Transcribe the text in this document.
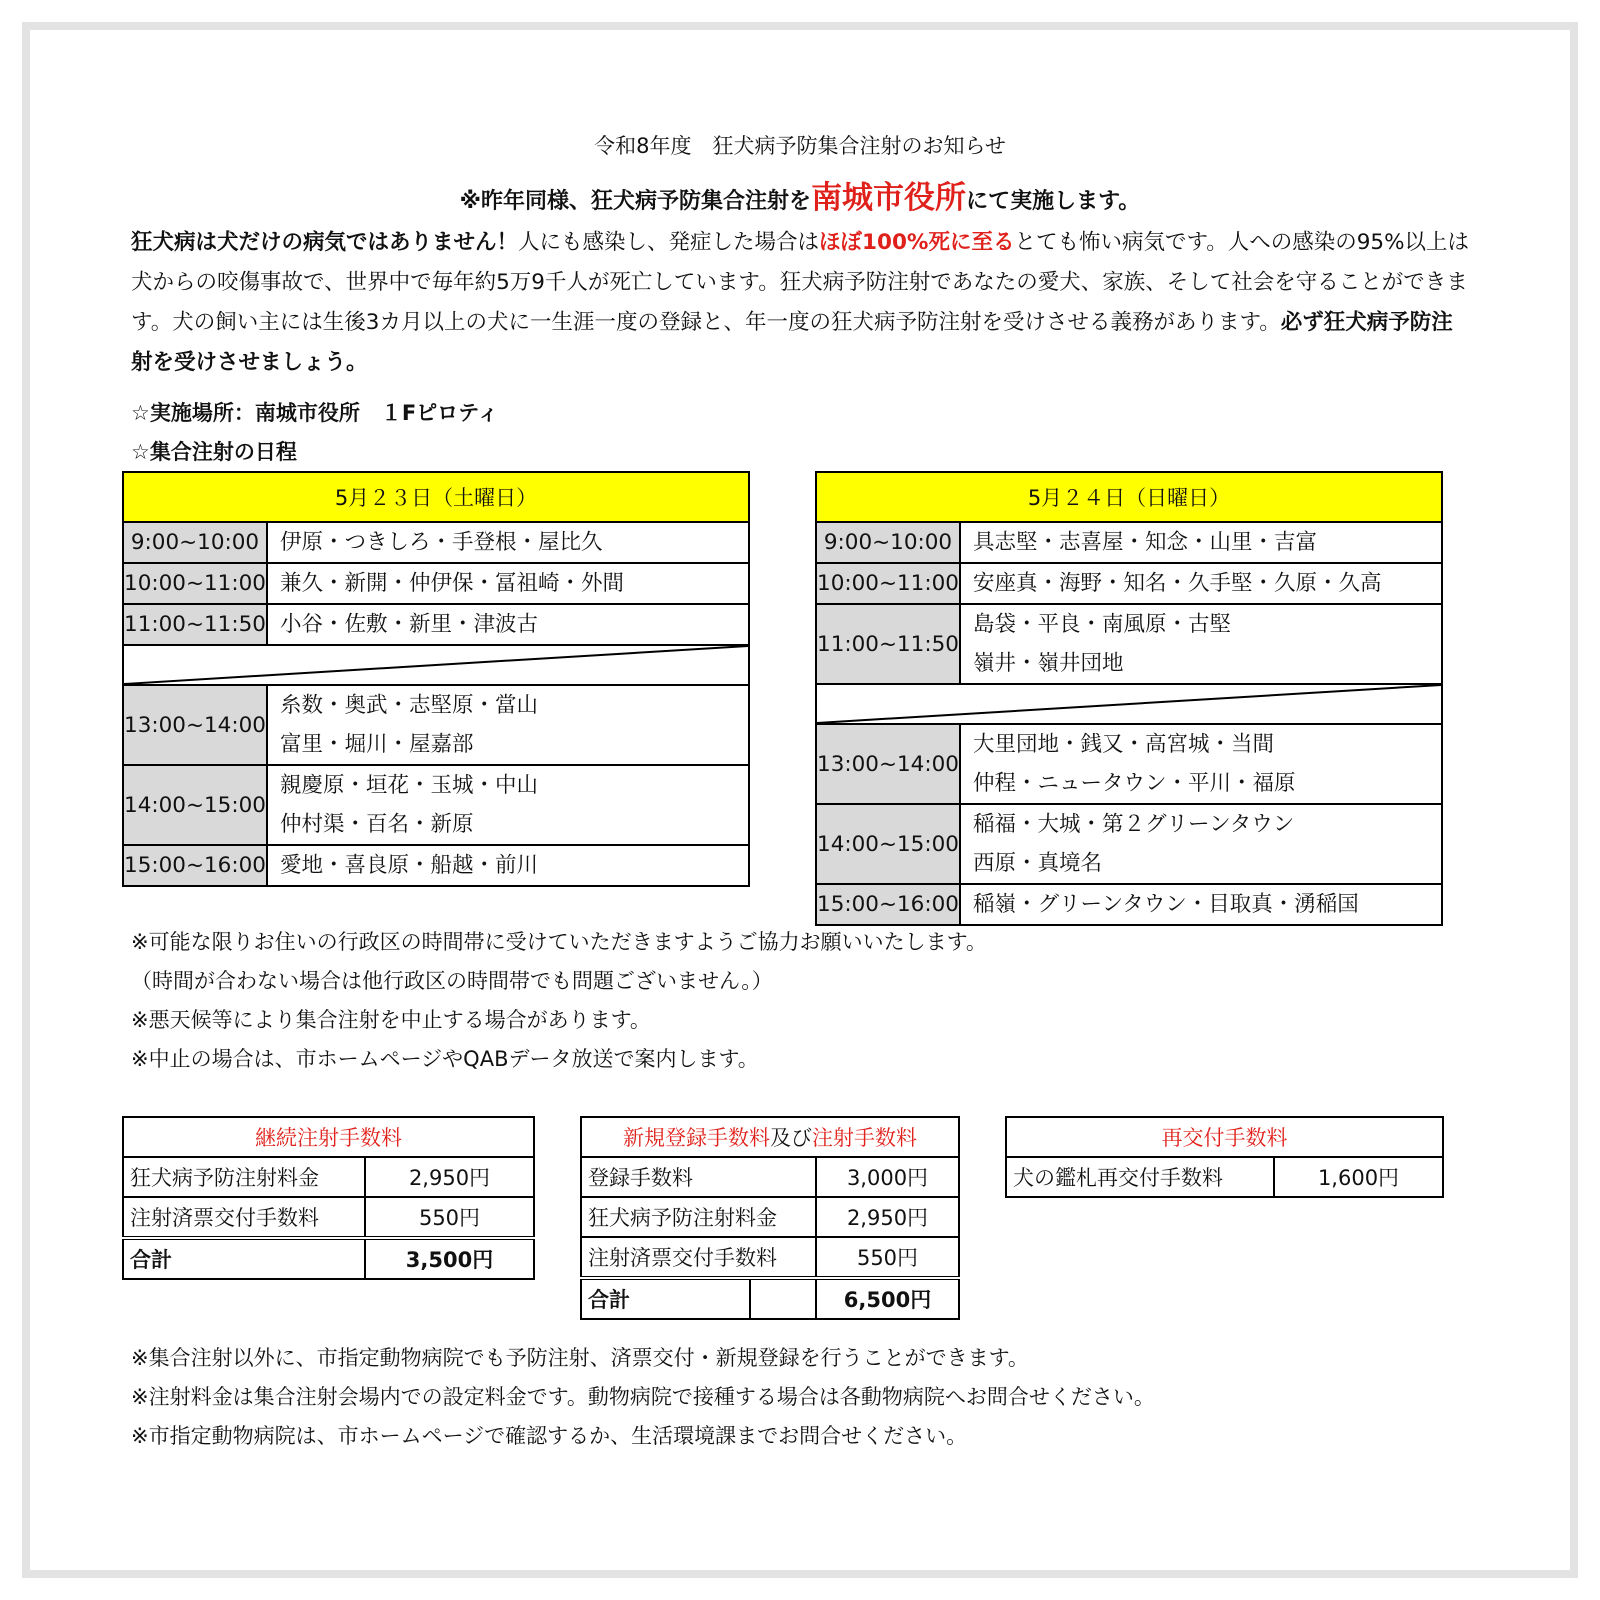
令和8年度　狂犬病予防集合注射のお知らせ
※昨年同様、狂犬病予防集合注射を南城市役所にて実施します。
狂犬病は犬だけの病気ではありません！人にも感染し、発症した場合はほぼ100%死に至るとても怖い病気です。人への感染の95%以上は犬からの咬傷事故で、世界中で毎年約5万9千人が死亡しています。狂犬病予防注射であなたの愛犬、家族、そして社会を守ることができます。犬の飼い主には生後3カ月以上の犬に一生涯一度の登録と、年一度の狂犬病予防注射を受けさせる義務があります。必ず狂犬病予防注射を受けさせましょう。
☆実施場所：南城市役所　１Fピロティ
☆集合注射の日程
5月２３日（土曜日）	
9:00~10:00	伊原・つきしろ・手登根・屋比久

10:00~11:00	兼久・新開・仲伊保・冨祖崎・外間

11:00~11:50	小谷・佐敷・新里・津波古

13:00~14:00	糸数・奥武・志堅原・當山
富里・堀川・屋嘉部

14:00~15:00	親慶原・垣花・玉城・中山
仲村渠・百名・新原

15:00~16:00	愛地・喜良原・船越・前川
5月２４日（日曜日）	
9:00~10:00	具志堅・志喜屋・知念・山里・吉富

10:00~11:00	安座真・海野・知名・久手堅・久原・久高

11:00~11:50	島袋・平良・南風原・古堅
嶺井・嶺井団地

13:00~14:00	大里団地・銭又・高宮城・当間
仲程・ニュータウン・平川・福原

14:00~15:00	稲福・大城・第２グリーンタウン
西原・真境名

15:00~16:00	稲嶺・グリーンタウン・目取真・湧稲国
※可能な限りお住いの行政区の時間帯に受けていただきますようご協力お願いいたします。
（時間が合わない場合は他行政区の時間帯でも問題ございません。）
※悪天候等により集合注射を中止する場合があります。
※中止の場合は、市ホームページやQABデータ放送で案内します。
継続注射手数料	
狂犬病予防注射料金	2,950円
注射済票交付手数料	550円
合計	3,500円
新規登録手数料及び注射手数料		
登録手数料		3,000円
狂犬病予防注射料金		2,950円
注射済票交付手数料		550円
合計		6,500円
再交付手数料
犬の鑑札再交付手数料	1,600円
※集合注射以外に、市指定動物病院でも予防注射、済票交付・新規登録を行うことができます。
※注射料金は集合注射会場内での設定料金です。動物病院で接種する場合は各動物病院へお問合せください。
※市指定動物病院は、市ホームページで確認するか、生活環境課までお問合せください。
